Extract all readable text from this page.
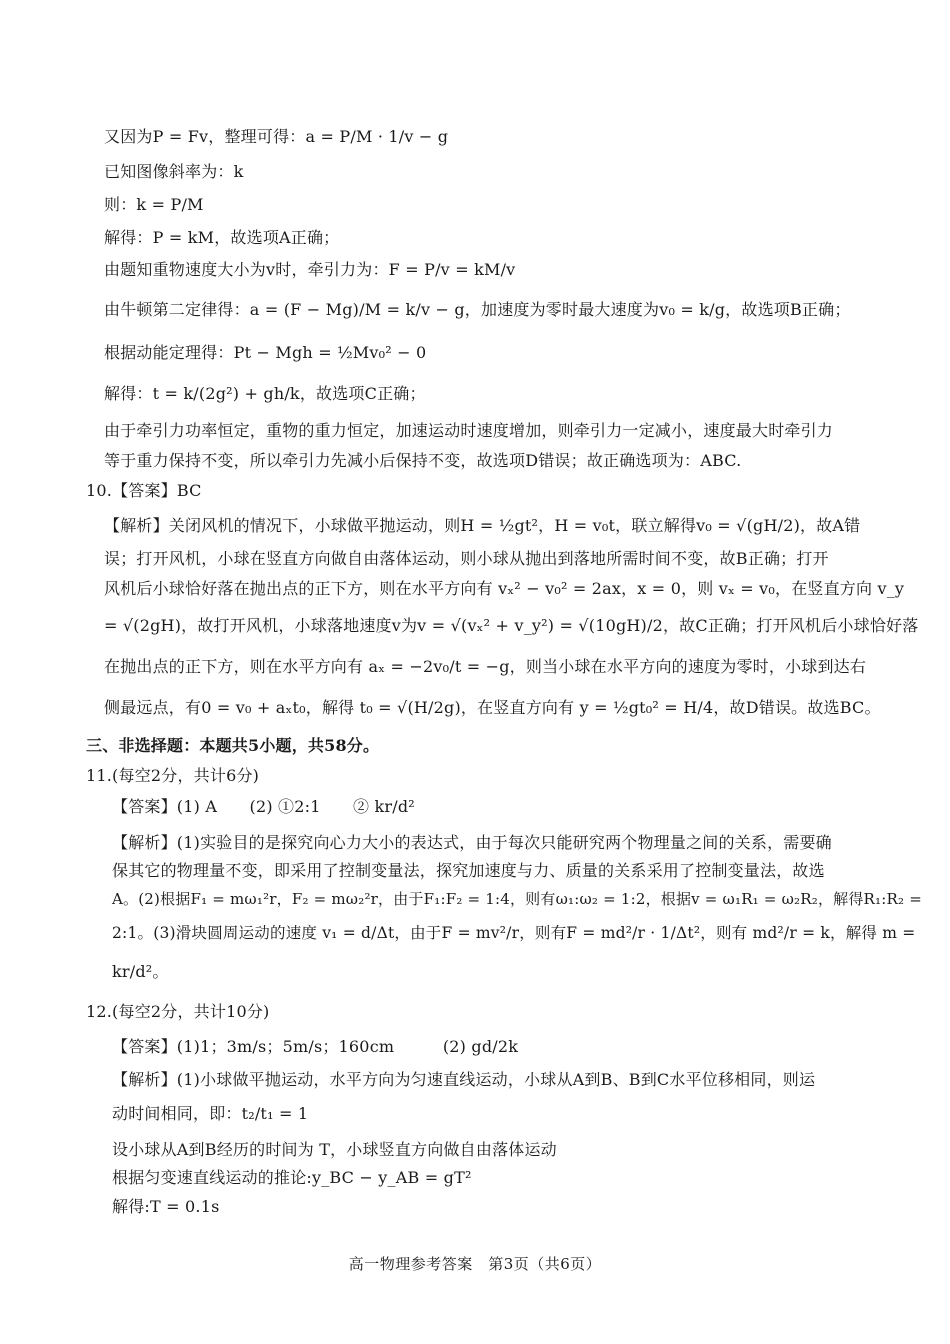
又因为P = Fv，整理可得：a = P/M · 1/v − g
已知图像斜率为：k
则：k = P/M
解得：P = kM，故选项A正确；
由题知重物速度大小为v时，牵引力为：F = P/v = kM/v
由牛顿第二定律得：a = (F − Mg)/M = k/v − g，加速度为零时最大速度为v₀ = k/g，故选项B正确；
根据动能定理得：Pt − Mgh = ½Mv₀² − 0
解得：t = k/(2g²) + gh/k，故选项C正确；
由于牵引力功率恒定，重物的重力恒定，加速运动时速度增加，则牵引力一定减小，速度最大时牵引力
等于重力保持不变，所以牵引力先减小后保持不变，故选项D错误；故正确选项为：ABC.
10.【答案】BC
【解析】关闭风机的情况下，小球做平抛运动，则H = ½gt²，H = v₀t，联立解得v₀ = √(gH/2)，故A错
误；打开风机，小球在竖直方向做自由落体运动，则小球从抛出到落地所需时间不变，故B正确；打开
风机后小球恰好落在抛出点的正下方，则在水平方向有 vₓ² − v₀² = 2ax，x = 0，则 vₓ = v₀，在竖直方向 v_y
= √(2gH)，故打开风机，小球落地速度v为v = √(vₓ² + v_y²) = √(10gH)/2，故C正确；打开风机后小球恰好落
在抛出点的正下方，则在水平方向有 aₓ = −2v₀/t = −g，则当小球在水平方向的速度为零时，小球到达右
侧最远点，有0 = v₀ + aₓt₀，解得 t₀ = √(H/2g)，在竖直方向有 y = ½gt₀² = H/4，故D错误。故选BC。
三、非选择题：本题共5小题，共58分。
11.(每空2分，共计6分)
【答案】(1) A　　(2) ①2:1　　② kr/d²
【解析】(1)实验目的是探究向心力大小的表达式，由于每次只能研究两个物理量之间的关系，需要确
保其它的物理量不变，即采用了控制变量法，探究加速度与力、质量的关系采用了控制变量法，故选
A。(2)根据F₁ = mω₁²r，F₂ = mω₂²r，由于F₁:F₂ = 1:4，则有ω₁:ω₂ = 1:2，根据v = ω₁R₁ = ω₂R₂，解得R₁:R₂ =
2:1。(3)滑块圆周运动的速度 v₁ = d/Δt，由于F = mv²/r，则有F = md²/r · 1/Δt²，则有 md²/r = k，解得 m =
kr/d²。
12.(每空2分，共计10分)
【答案】(1)1；3m/s；5m/s；160cm　　　(2) gd/2k
【解析】(1)小球做平抛运动，水平方向为匀速直线运动，小球从A到B、B到C水平位移相同，则运
动时间相同，即：t₂/t₁ = 1
设小球从A到B经历的时间为 T，小球竖直方向做自由落体运动
根据匀变速直线运动的推论:y_BC − y_AB = gT²
解得:T = 0.1s
高一物理参考答案　第3页（共6页）
